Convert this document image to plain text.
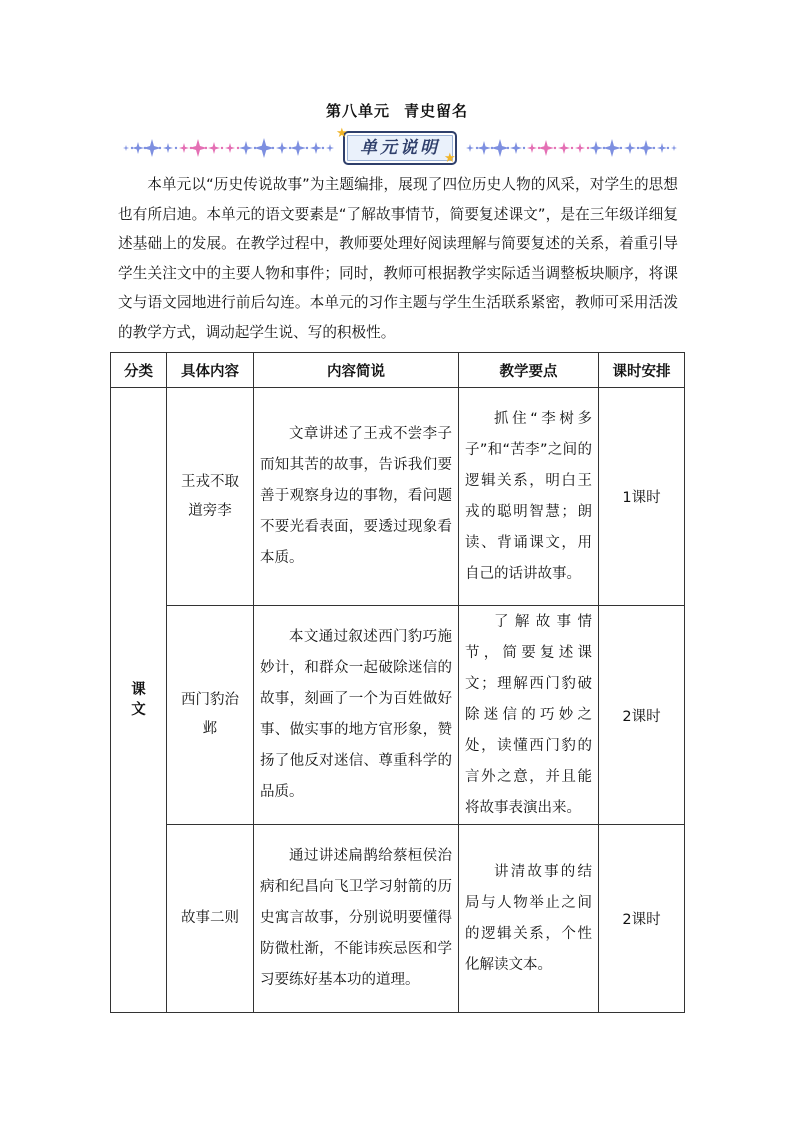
第八单元 青史留名
单元说明
★
★

本单元以“历史传说故事”为主题编排，展现了四位历史人物的风采，对学生的思想也有所启迪。本单元的语文要素是“了解故事情节，简要复述课文”，是在三年级详细复述基础上的发展。在教学过程中，教师要处理好阅读理解与简要复述的关系，着重引导学生关注文中的主要人物和事件；同时，教师可根据教学实际适当调整板块顺序，将课文与语文园地进行前后勾连。本单元的习作主题与学生生活联系紧密，教师可采用活泼的教学方式，调动起学生说、写的积极性。

分类	具体内容	内容简说	教学要点	课时安排
课文	王戎不取道旁李	文章讲述了王戎不尝李子而知其苦的故事，告诉我们要善于观察身边的事物，看问题不要光看表面，要透过现象看本质。	抓住“李树多子”和“苦李”之间的逻辑关系，明白王戎的聪明智慧；朗读、背诵课文，用自己的话讲故事。	1课时
	西门豹治邺	本文通过叙述西门豹巧施妙计，和群众一起破除迷信的故事，刻画了一个为百姓做好事、做实事的地方官形象，赞扬了他反对迷信、尊重科学的品质。	了解故事情节，简要复述课文；理解西门豹破除迷信的巧妙之处，读懂西门豹的言外之意，并且能将故事表演出来。	2课时
	故事二则	通过讲述扁鹊给蔡桓侯治病和纪昌向飞卫学习射箭的历史寓言故事，分别说明要懂得防微杜渐，不能讳疾忌医和学习要练好基本功的道理。	讲清故事的结局与人物举止之间的逻辑关系，个性化解读文本。	2课时
